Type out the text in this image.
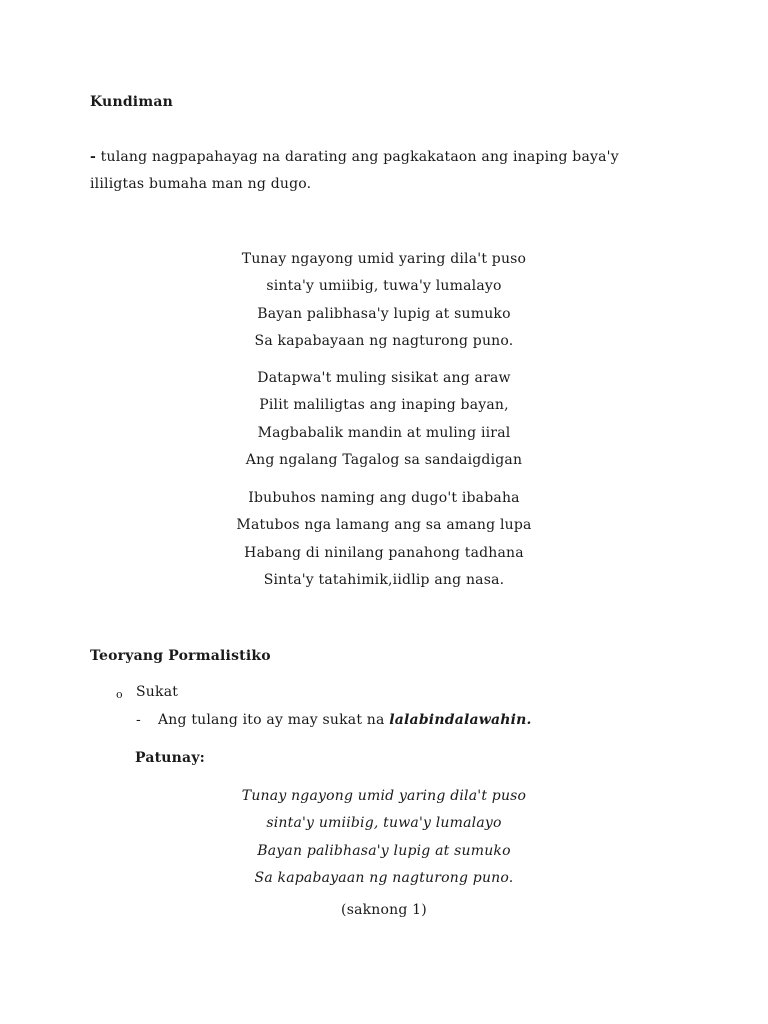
Kundiman
- tulang nagpapahayag na darating ang pagkakataon ang inaping baya'y
ililigtas bumaha man ng dugo.
Tunay ngayong umid yaring dila't puso
sinta'y umiibig, tuwa'y lumalayo
Bayan palibhasa'y lupig at sumuko
Sa kapabayaan ng nagturong puno.
Datapwa't muling sisikat ang araw
Pilit maliligtas ang inaping bayan,
Magbabalik mandin at muling iiral
Ang ngalang Tagalog sa sandaigdigan
Ibubuhos naming ang dugo't ibabaha
Matubos nga lamang ang sa amang lupa
Habang di ninilang panahong tadhana
Sinta'y tatahimik,iidlip ang nasa.
Teoryang Pormalistiko
o Sukat
- Ang tulang ito ay may sukat na lalabindalawahin.
Patunay:
Tunay ngayong umid yaring dila't puso
sinta'y umiibig, tuwa'y lumalayo
Bayan palibhasa'y lupig at sumuko
Sa kapabayaan ng nagturong puno.
(saknong 1)
